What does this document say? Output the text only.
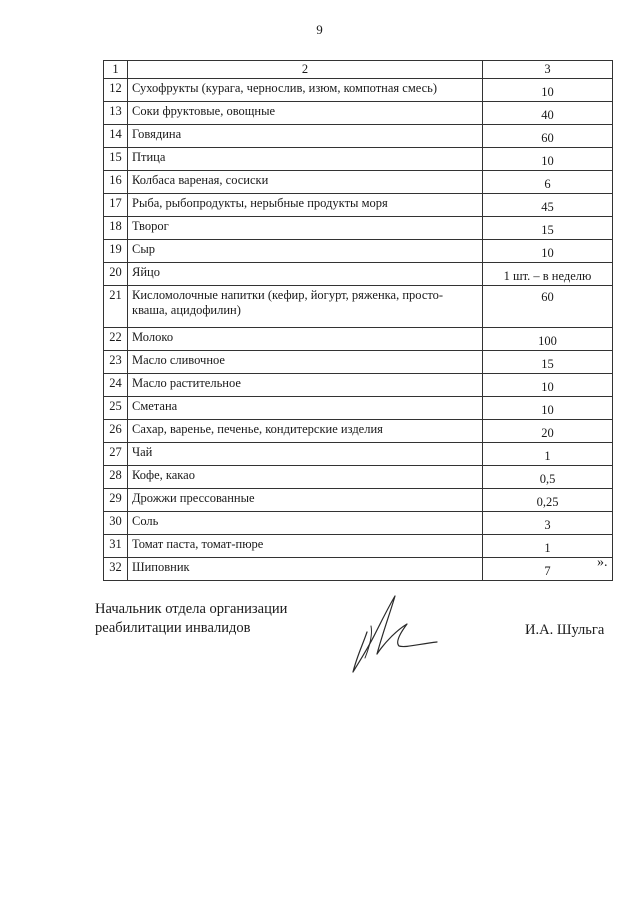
9
1	2	3
12	Сухофрукты (курага, чернослив, изюм, компотная смесь)	10
13	Соки фруктовые, овощные	40
14	Говядина	60
15	Птица	10
16	Колбаса вареная, сосиски	6
17	Рыба, рыбопродукты, нерыбные продукты моря	45
18	Творог	15
19	Сыр	10
20	Яйцо	1 шт. – в неделю
21	Кисломолочные напитки (кефир, йогурт, ряженка, просто-
кваша, ацидофилин)	60
22	Молоко	100
23	Масло сливочное	15
24	Масло растительное	10
25	Сметана	10
26	Сахар, варенье, печенье, кондитерские изделия	20
27	Чай	1
28	Кофе, какао	0,5
29	Дрожжи прессованные	0,25
30	Соль	3
31	Томат паста, томат-пюре	1
32	Шиповник	7
».
Начальник отдела организации
реабилитации инвалидов	И.А. Шульга
